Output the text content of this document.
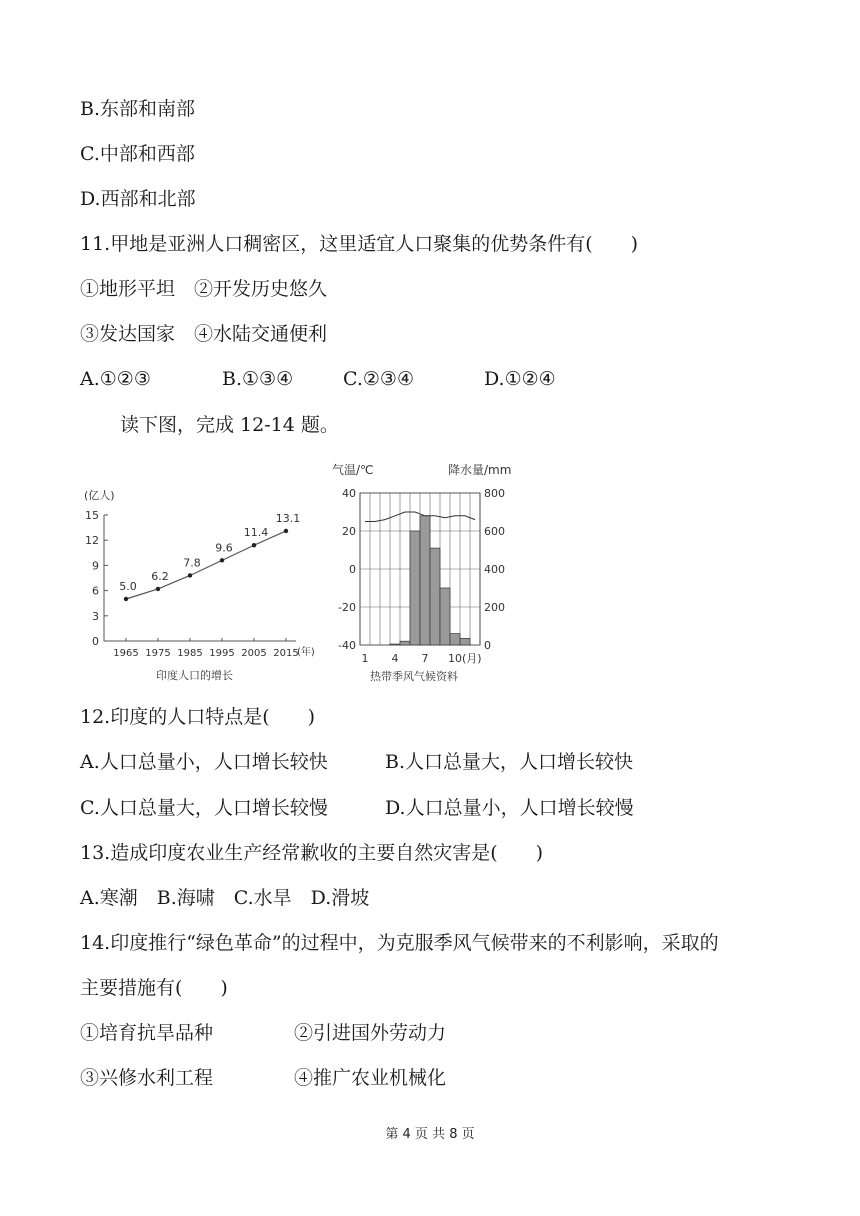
B.东部和南部
C.中部和西部
D.西部和北部
11.甲地是亚洲人口稠密区，这里适宜人口聚集的优势条件有(　　)
①地形平坦　②开发历史悠久
③发达国家　④水陆交通便利
A.①②③	B.①③④	C.②③④	D.①②④
读下图，完成 12-14 题。
(亿人)
0
3
6
9
12
15
1965 1975 1985 1995 2005 2015
5.0
6.2
7.8
9.6
11.4
13.1
(年)
印度人口的增长
气温/℃	降水量/mm
40
20
0
-20
-40
800
600
400
200
0
1 4 7 10 (月)
热带季风气候资料
12.印度的人口特点是(　　)
A.人口总量小，人口增长较快	B.人口总量大，人口增长较快
C.人口总量大，人口增长较慢	D.人口总量小，人口增长较慢
13.造成印度农业生产经常歉收的主要自然灾害是(　　)
A.寒潮　B.海啸　C.水旱　D.滑坡
14.印度推行“绿色革命”的过程中，为克服季风气候带来的不利影响，采取的
主要措施有(　　)
①培育抗旱品种	②引进国外劳动力
③兴修水利工程	④推广农业机械化
第 4 页 共 8 页
